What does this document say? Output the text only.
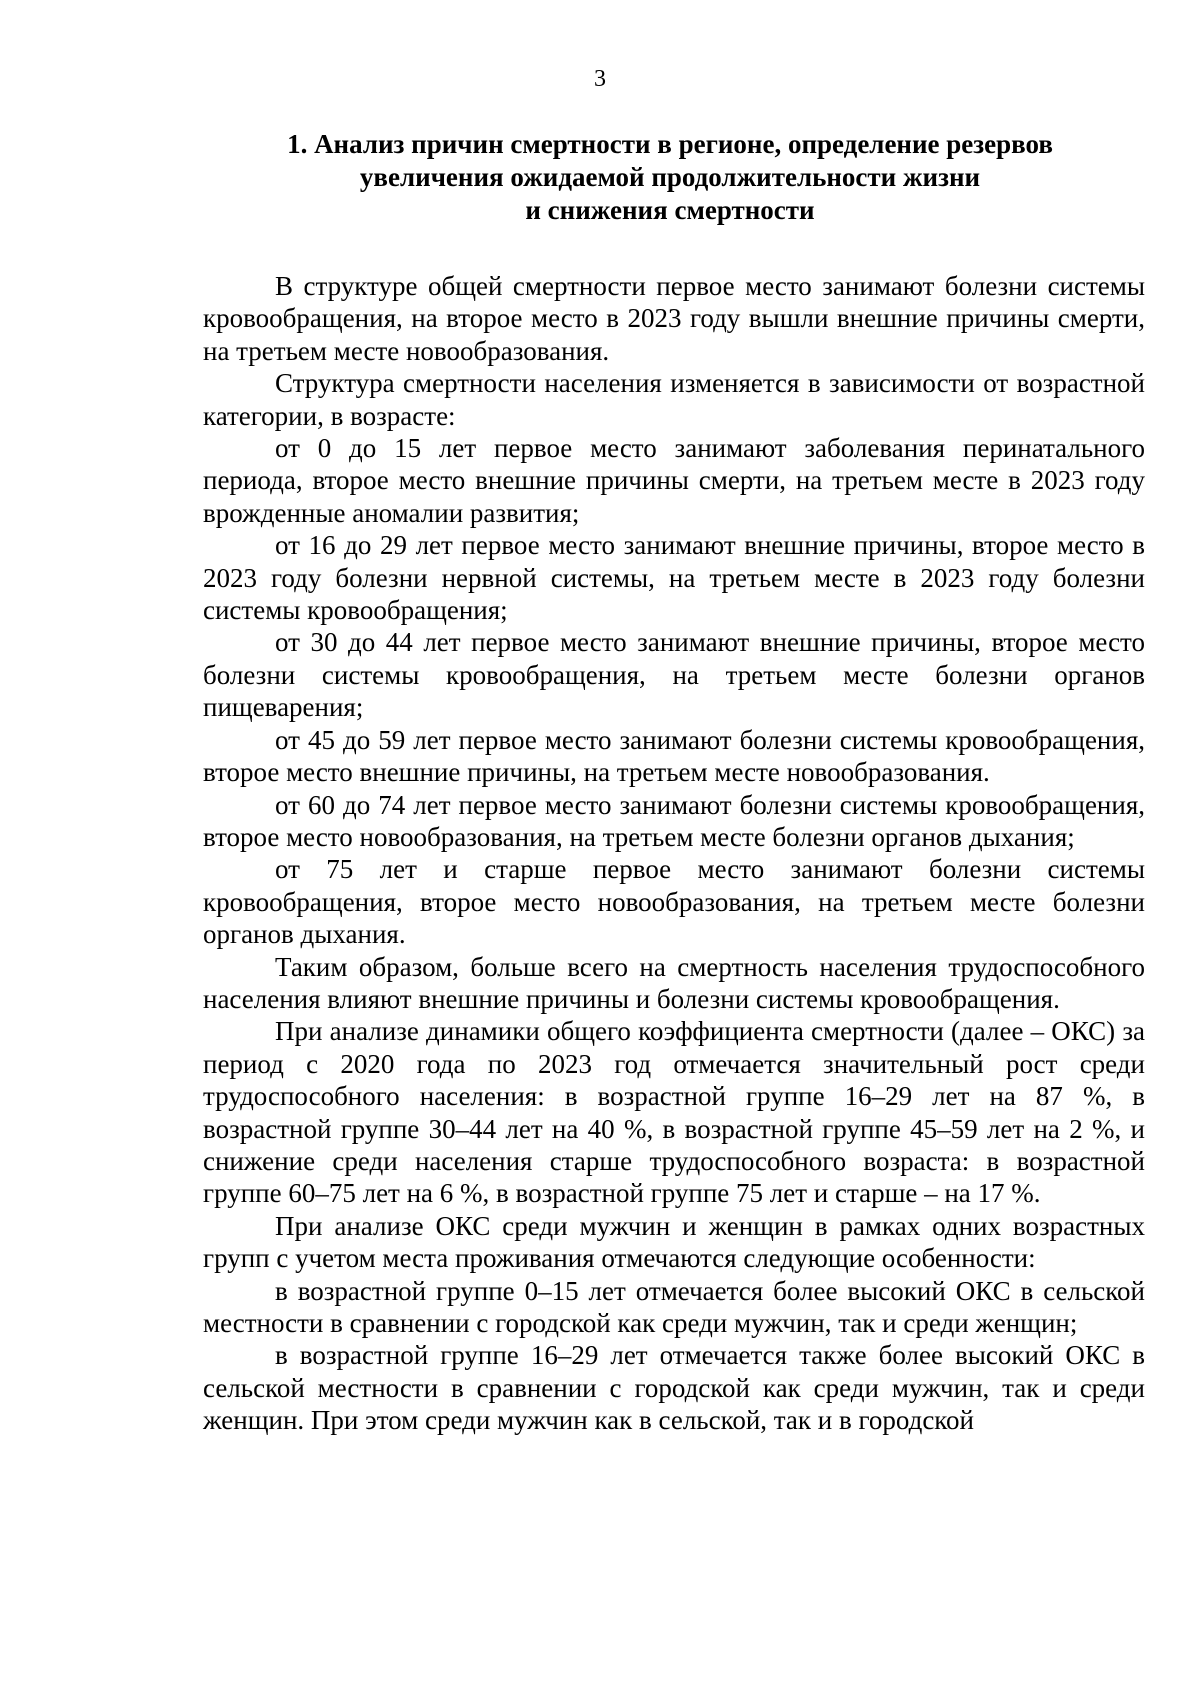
3
1. Анализ причин смертности в регионе, определение резервов
увеличения ожидаемой продолжительности жизни
и снижения смертности

В структуре общей смертности первое место занимают болезни системы кровообращения, на второе место в 2023 году вышли внешние причины смерти, на третьем месте новообразования.

Структура смертности населения изменяется в зависимости от возрастной категории, в возрасте:

от 0 до 15 лет первое место занимают заболевания перинатального периода, второе место внешние причины смерти, на третьем месте в 2023 году врожденные аномалии развития;

от 16 до 29 лет первое место занимают внешние причины, второе место в 2023 году болезни нервной системы, на третьем месте в 2023 году болезни системы кровообращения;

от 30 до 44 лет первое место занимают внешние причины, второе место болезни системы кровообращения, на третьем месте болезни органов пищеварения;

от 45 до 59 лет первое место занимают болезни системы кровообращения, второе место внешние причины, на третьем месте новообразования.

от 60 до 74 лет первое место занимают болезни системы кровообращения, второе место новообразования, на третьем месте болезни органов дыхания;

от 75 лет и старше первое место занимают болезни системы кровообращения, второе место новообразования, на третьем месте болезни органов дыхания.

Таким образом, больше всего на смертность населения трудоспособного населения влияют внешние причины и болезни системы кровообращения.

При анализе динамики общего коэффициента смертности (далее – ОКС) за период с 2020 года по 2023 год отмечается значительный рост среди трудоспособного населения: в возрастной группе 16–29 лет на 87 %, в возрастной группе 30–44 лет на 40 %, в возрастной группе 45–59 лет на 2 %, и снижение среди населения старше трудоспособного возраста: в возрастной группе 60–75 лет на 6 %, в возрастной группе 75 лет и старше – на 17 %.

При анализе ОКС среди мужчин и женщин в рамках одних возрастных групп с учетом места проживания отмечаются следующие особенности:

в возрастной группе 0–15 лет отмечается более высокий ОКС в сельской местности в сравнении с городской как среди мужчин, так и среди женщин;

в возрастной группе 16–29 лет отмечается также более высокий ОКС в сельской местности в сравнении с городской как среди мужчин, так и среди женщин. При этом среди мужчин как в сельской, так и в городской
